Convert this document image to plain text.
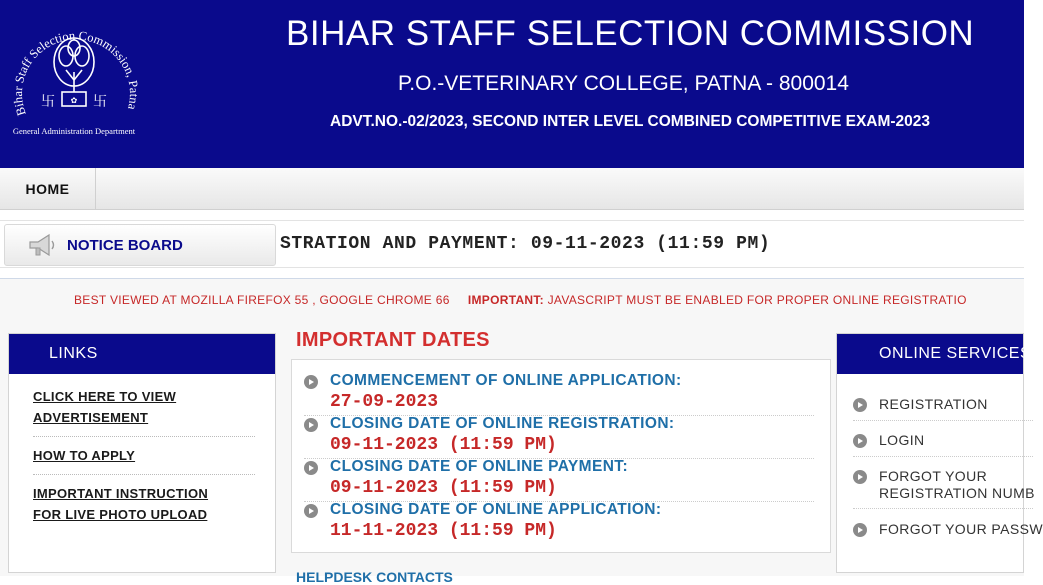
Bihar Staff Selection Commission, Patna
✿
卐	卐
General Administration Department
BIHAR STAFF SELECTION COMMISSION
P.O.-VETERINARY COLLEGE, PATNA - 800014
ADVT.NO.-02/2023, SECOND INTER LEVEL COMBINED COMPETITIVE EXAM-2023
HOME
NOTICE BOARD	STRATION AND PAYMENT: 09-11-2023 (11:59 PM)
BEST VIEWED AT MOZILLA FIREFOX 55 , GOOGLE CHROME 66 IMPORTANT: JAVASCRIPT MUST BE ENABLED FOR PROPER ONLINE REGISTRATIO
LINKS
CLICK HERE TO VIEW
ADVERTISEMENT
HOW TO APPLY
IMPORTANT INSTRUCTION
FOR LIVE PHOTO UPLOAD
IMPORTANT DATES
COMMENCEMENT OF ONLINE APPLICATION:
27-09-2023
CLOSING DATE OF ONLINE REGISTRATION:
09-11-2023 (11:59 PM)
CLOSING DATE OF ONLINE PAYMENT:
09-11-2023 (11:59 PM)
CLOSING DATE OF ONLINE APPLICATION:
11-11-2023 (11:59 PM)
HELPDESK CONTACTS
ONLINE SERVICES
REGISTRATION
LOGIN
FORGOT YOUR
REGISTRATION NUMB
FORGOT YOUR PASSW
